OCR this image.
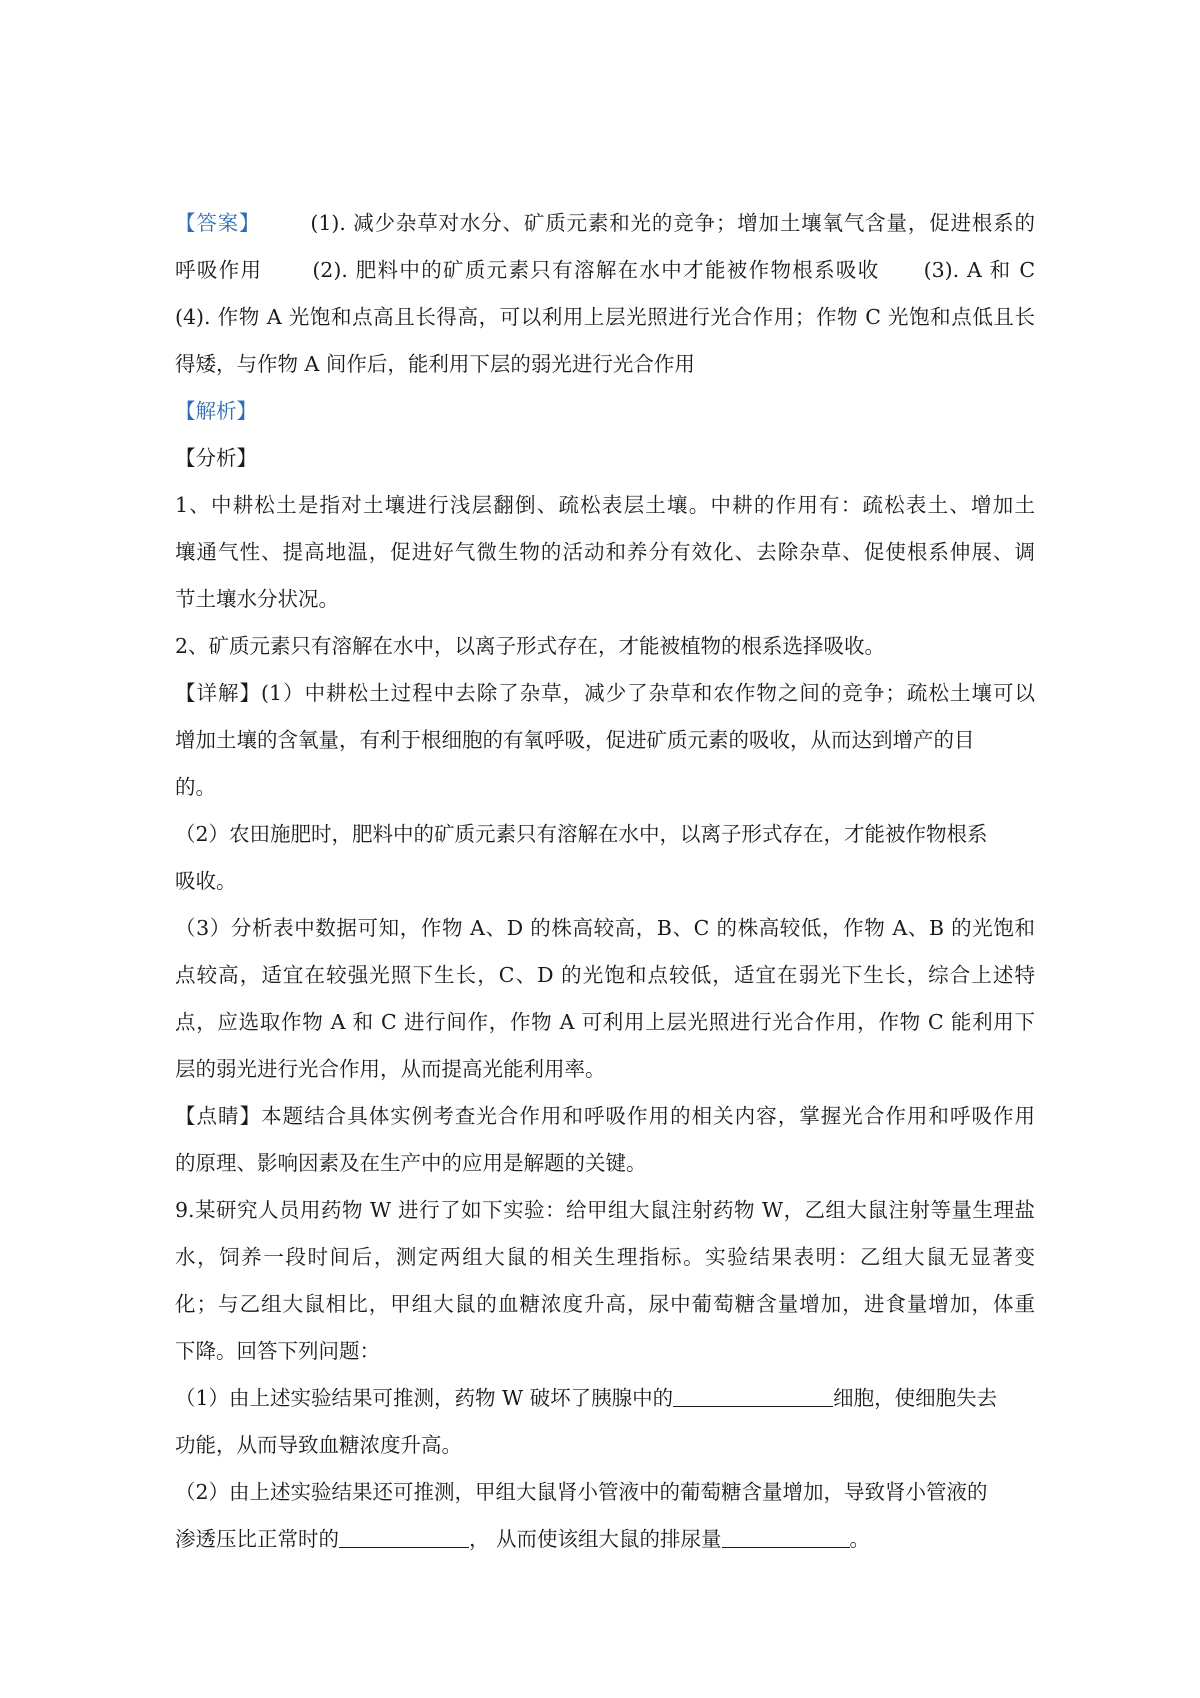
【答案】 (1). 减少杂草对水分、矿质元素和光的竞争；增加土壤氧气含量，促进根系的
呼吸作用 (2). 肥料中的矿质元素只有溶解在水中才能被作物根系吸收 (3). A 和 C
(4). 作物 A 光饱和点高且长得高，可以利用上层光照进行光合作用；作物 C 光饱和点低且长
得矮，与作物 A 间作后，能利用下层的弱光进行光合作用
【解析】
【分析】
1、中耕松土是指对土壤进行浅层翻倒、疏松表层土壤。中耕的作用有：疏松表土、增加土
壤通气性、提高地温，促进好气微生物的活动和养分有效化、去除杂草、促使根系伸展、调
节土壤水分状况。
2、矿质元素只有溶解在水中，以离子形式存在，才能被植物的根系选择吸收。
【详解】(1）中耕松土过程中去除了杂草，减少了杂草和农作物之间的竞争；疏松土壤可以
增加土壤的含氧量，有利于根细胞的有氧呼吸，促进矿质元素的吸收，从而达到增产的目
的。
（2）农田施肥时，肥料中的矿质元素只有溶解在水中，以离子形式存在，才能被作物根系
吸收。
（3）分析表中数据可知，作物 A、D 的株高较高，B、C 的株高较低，作物 A、B 的光饱和
点较高，适宜在较强光照下生长，C、D 的光饱和点较低，适宜在弱光下生长，综合上述特
点，应选取作物 A 和 C 进行间作，作物 A 可利用上层光照进行光合作用，作物 C 能利用下
层的弱光进行光合作用，从而提高光能利用率。
【点睛】本题结合具体实例考查光合作用和呼吸作用的相关内容，掌握光合作用和呼吸作用
的原理、影响因素及在生产中的应用是解题的关键。
9.某研究人员用药物 W 进行了如下实验：给甲组大鼠注射药物 W，乙组大鼠注射等量生理盐
水，饲养一段时间后，测定两组大鼠的相关生理指标。实验结果表明：乙组大鼠无显著变
化；与乙组大鼠相比，甲组大鼠的血糖浓度升高，尿中葡萄糖含量增加，进食量增加，体重
下降。回答下列问题：
（1）由上述实验结果可推测，药物 W 破坏了胰腺中的	细胞，使细胞失去
功能，从而导致血糖浓度升高。
（2）由上述实验结果还可推测，甲组大鼠肾小管液中的葡萄糖含量增加，导致肾小管液的
渗透压比正常时的	， 从而使该组大鼠的排尿量	。
